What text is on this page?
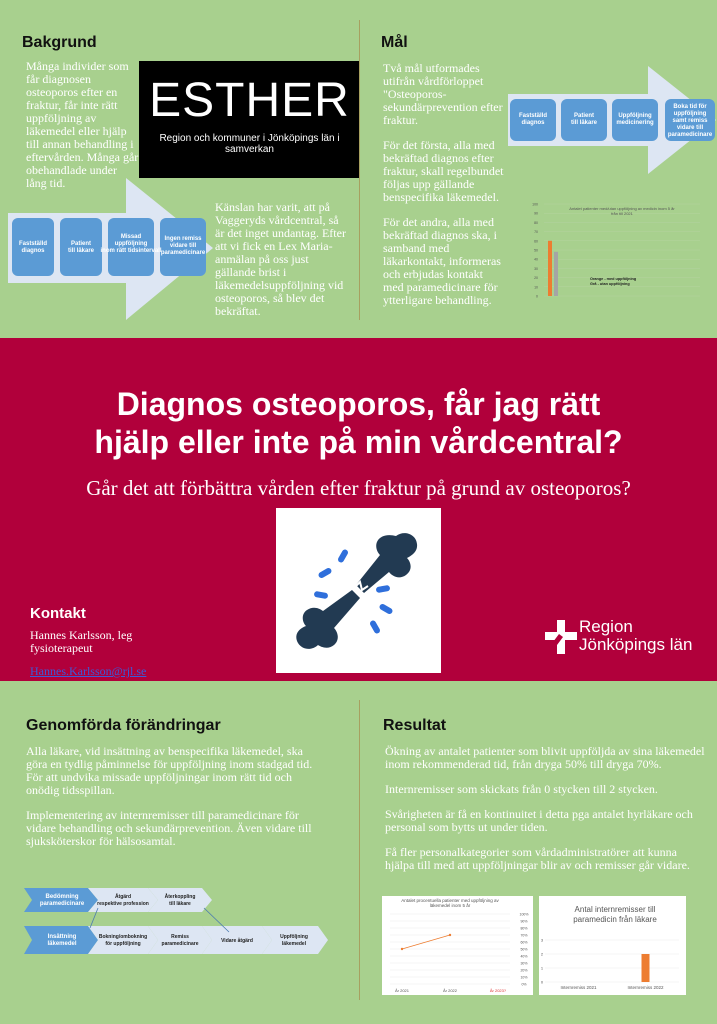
Bakgrund
Många individer som får diagnosen osteoporos efter en fraktur, får inte rätt uppföljning av läkemedel eller hjälp till annan behandling i eftervården. Många går obehandlade under lång tid.
ESTHER
Region och kommuner i Jönköpings län i samverkan
Fastställd diagnos
Patient till läkare
Missad uppföljning inom rätt tidsintervall
Ingen remiss vidare till paramedicinare
Känslan har varit, att på Vaggeryds vårdcentral, så är det inget undantag. Efter att vi fick en Lex Maria-anmälan på oss just gällande brist i läkemedelsuppföljning vid osteoporos, så blev det bekräftat.
Mål

Två mål utformades utifrån vårdförloppet "Osteoporos-sekundärprevention efter fraktur.

För det första, alla med bekräftad diagnos efter fraktur, skall regelbundet följas upp gällande benspecifika läkemedel.

För det andra, alla med bekräftad diagnos ska, i samband med läkarkontakt, informeras och erbjudas kontakt med paramedicinare för ytterligare behandling.

Fastställd diagnos
Patient till läkare
Uppföljning medicinering
Boka tid för uppföljning samt remiss vidare till paramedicinare
100
90
80
70
60
50
40
30
20
10
0
Antalet patienter med/utan uppföljning av medicin inom 5 år från till 2021
Orange - med uppföljning
Grå - utan uppföljning
Diagnos osteoporos, får jag rätt
hjälp eller inte på min vårdcentral?
Går det att förbättra vården efter fraktur på grund av osteoporos?
Kontakt
Hannes Karlsson, leg fysioterapeut
Hannes.Karlsson@rjl.se
Region
Jönköpings län
Genomförda förändringar

Alla läkare, vid insättning av benspecifika läkemedel, ska göra en tydlig påminnelse för uppföljning inom stadgad tid. För att undvika missade uppföljningar inom rätt tid och onödig tidsspillan.

Implementering av internremisser till paramedicinare för vidare behandling och sekundärprevention. Även vidare till sjuksköterskor för hälsosamtal.

Bedömning paramedicinare
Åtgärd respektive profession
Återkoppling till läkare
Insättning läkemedel
Bokning/ombokning för uppföljning
Remiss paramedicinare	Vidare åtgärd
Uppföljning läkemedel
Resultat

Ökning av antalet patienter som blivit uppföljda av sina läkemedel inom rekommenderad tid, från dryga 50% till dryga 70%.

Internremisser som skickats från 0 stycken till 2 stycken.

Svårigheten är få en kontinuitet i detta pga antalet hyrläkare och personal som bytts ut under tiden.

Få fler personalkategorier som vårdadministratörer att kunna hjälpa till med att uppföljningar blir av och remisser går vidare.

Antalet procentuella patienter med uppföljning av läkemedel inom 5 år
100%
90%
80%
70%
60%
50%
40%
30%
20%
10%
0%
År 2021	År 2022	År 2023?
Antal internremisser till paramedicin från läkare
3
2
1
0
Internremiss 2021	Internremiss 2022
